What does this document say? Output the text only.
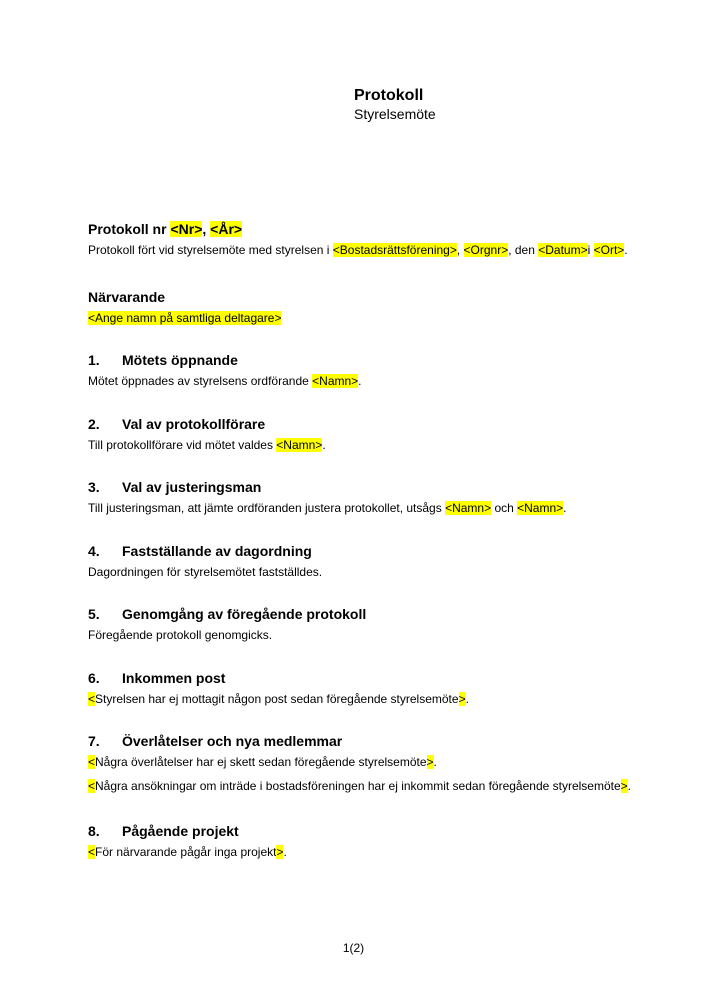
Protokoll
Styrelsemöte
Protokoll nr <Nr>, <År>
Protokoll fört vid styrelsemöte med styrelsen i <Bostadsrättsförening>, <Orgnr>, den <Datum>i <Ort>.
Närvarande
<Ange namn på samtliga deltagare>
1. Mötets öppnande
Mötet öppnades av styrelsens ordförande <Namn>.
2. Val av protokollförare
Till protokollförare vid mötet valdes <Namn>.
3. Val av justeringsman
Till justeringsman, att jämte ordföranden justera protokollet, utsågs <Namn> och <Namn>.
4. Fastställande av dagordning
Dagordningen för styrelsemötet fastställdes.
5. Genomgång av föregående protokoll
Föregående protokoll genomgicks.
6. Inkommen post
<Styrelsen har ej mottagit någon post sedan föregående styrelsemöte>.
7. Överlåtelser och nya medlemmar
<Några överlåtelser har ej skett sedan föregående styrelsemöte>.
<Några ansökningar om inträde i bostadsföreningen har ej inkommit sedan föregående styrelsemöte>.
8. Pågående projekt
<För närvarande pågår inga projekt>.
1(2)
